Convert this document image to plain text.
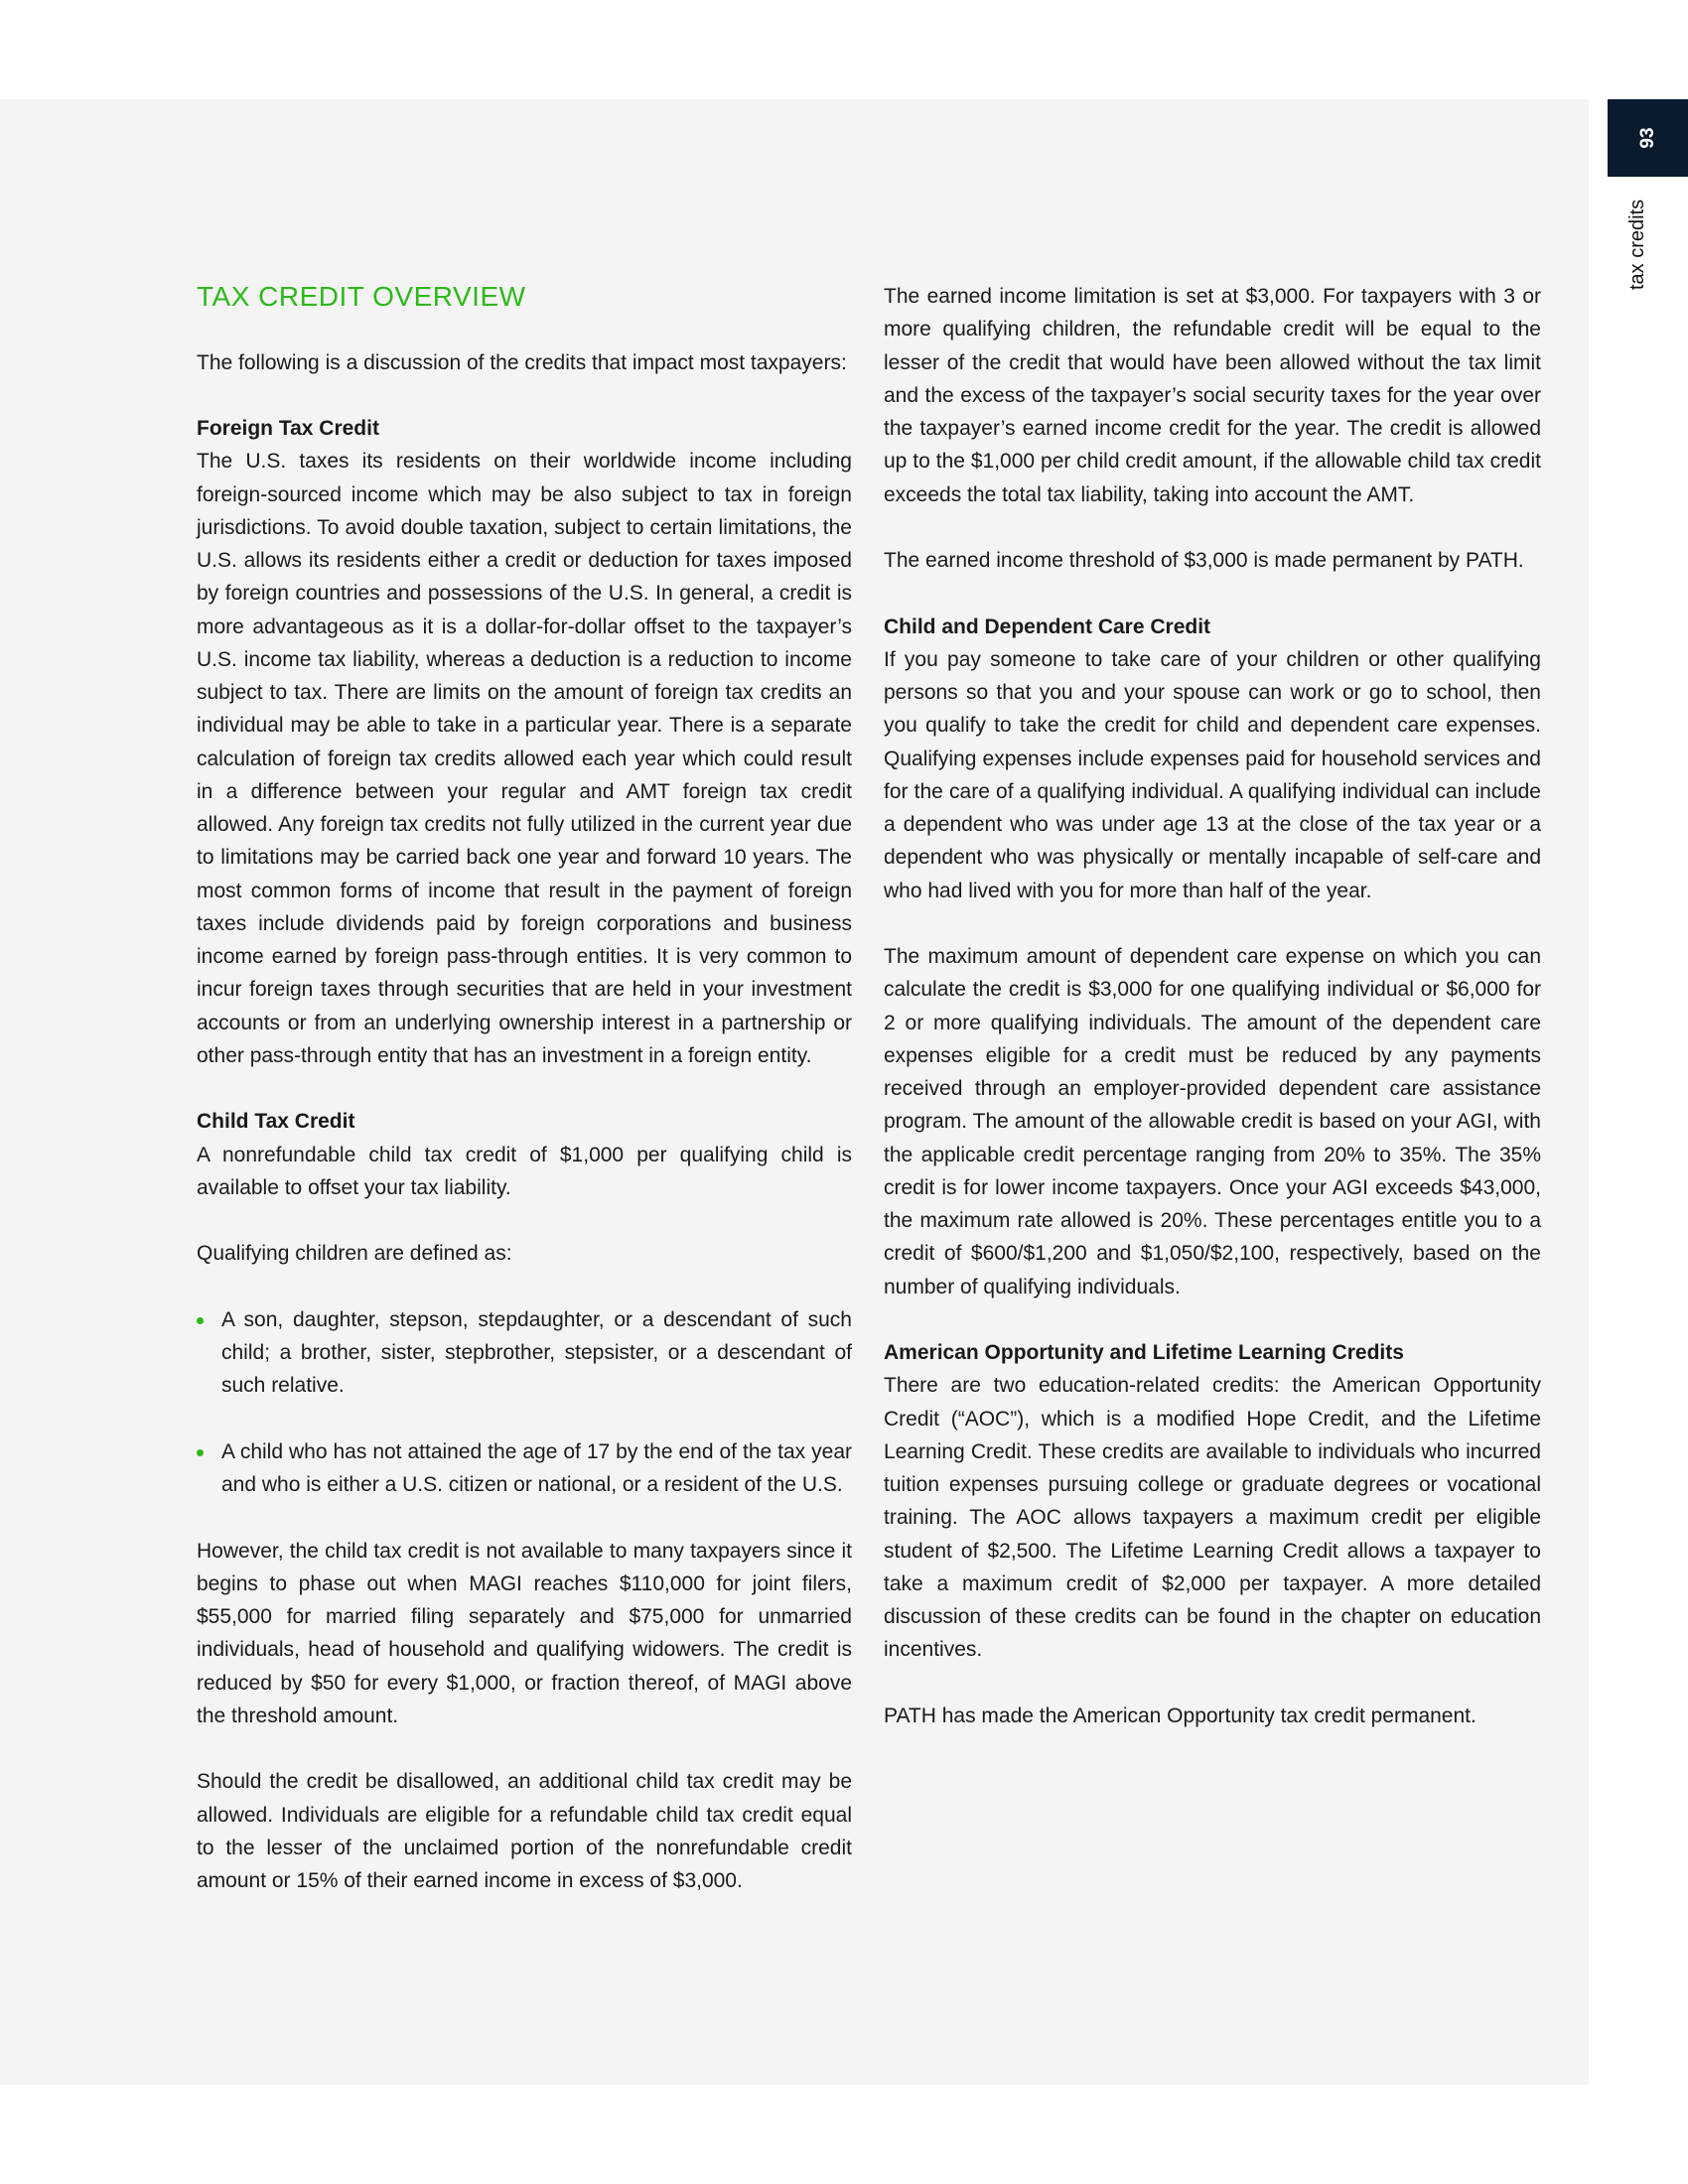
93
tax credits
TAX CREDIT OVERVIEW

The following is a discussion of the credits that impact most taxpayers:

Foreign Tax Credit

The U.S. taxes its residents on their worldwide income including foreign-sourced income which may be also subject to tax in foreign jurisdictions. To avoid double taxation, subject to certain limitations, the U.S. allows its residents either a credit or deduction for taxes imposed by foreign countries and possessions of the U.S. In general, a credit is more advantageous as it is a dollar-for-dollar offset to the taxpayer’s U.S. income tax liability, whereas a deduction is a reduction to income subject to tax. There are limits on the amount of foreign tax credits an individual may be able to take in a particular year. There is a separate calculation of foreign tax credits allowed each year which could result in a difference between your regular and AMT foreign tax credit allowed. Any foreign tax credits not fully utilized in the current year due to limitations may be carried back one year and forward 10 years. The most common forms of income that result in the payment of foreign taxes include dividends paid by foreign corporations and business income earned by foreign pass-through entities. It is very common to incur foreign taxes through securities that are held in your investment accounts or from an underlying ownership interest in a partnership or other pass-through entity that has an investment in a foreign entity.

Child Tax Credit

A nonrefundable child tax credit of $1,000 per qualifying child is available to offset your tax liability.

Qualifying children are defined as:

A son, daughter, stepson, stepdaughter, or a descendant of such child; a brother, sister, stepbrother, stepsister, or a descendant of such relative.
A child who has not attained the age of 17 by the end of the tax year and who is either a U.S. citizen or national, or a resident of the U.S.

However, the child tax credit is not available to many taxpayers since it begins to phase out when MAGI reaches $110,000 for joint filers, $55,000 for married filing separately and $75,000 for unmarried individuals, head of household and qualifying widowers. The credit is reduced by $50 for every $1,000, or fraction thereof, of MAGI above the threshold amount.

Should the credit be disallowed, an additional child tax credit may be allowed. Individuals are eligible for a refundable child tax credit equal to the lesser of the unclaimed portion of the nonrefundable credit amount or 15% of their earned income in excess of $3,000.

The earned income limitation is set at $3,000. For taxpayers with 3 or more qualifying children, the refundable credit will be equal to the lesser of the credit that would have been allowed without the tax limit and the excess of the taxpayer’s social security taxes for the year over the taxpayer’s earned income credit for the year. The credit is allowed up to the $1,000 per child credit amount, if the allowable child tax credit exceeds the total tax liability, taking into account the AMT.

The earned income threshold of $3,000 is made permanent by PATH.

Child and Dependent Care Credit

If you pay someone to take care of your children or other qualifying persons so that you and your spouse can work or go to school, then you qualify to take the credit for child and dependent care expenses. Qualifying expenses include expenses paid for household services and for the care of a qualifying individual. A qualifying individual can include a dependent who was under age 13 at the close of the tax year or a dependent who was physically or mentally incapable of self-care and who had lived with you for more than half of the year.

The maximum amount of dependent care expense on which you can calculate the credit is $3,000 for one qualifying individual or $6,000 for 2 or more qualifying individuals. The amount of the dependent care expenses eligible for a credit must be reduced by any payments received through an employer-provided dependent care assistance program. The amount of the allowable credit is based on your AGI, with the applicable credit percentage ranging from 20% to 35%. The 35% credit is for lower income taxpayers. Once your AGI exceeds $43,000, the maximum rate allowed is 20%. These percentages entitle you to a credit of $600/$1,200 and $1,050/$2,100, respectively, based on the number of qualifying individuals.

American Opportunity and Lifetime Learning Credits

There are two education-related credits: the American Opportunity Credit (“AOC”), which is a modified Hope Credit, and the Lifetime Learning Credit. These credits are available to individuals who incurred tuition expenses pursuing college or graduate degrees or vocational training. The AOC allows taxpayers a maximum credit per eligible student of $2,500. The Lifetime Learning Credit allows a taxpayer to take a maximum credit of $2,000 per taxpayer. A more detailed discussion of these credits can be found in the chapter on education incentives.

PATH has made the American Opportunity tax credit permanent.
